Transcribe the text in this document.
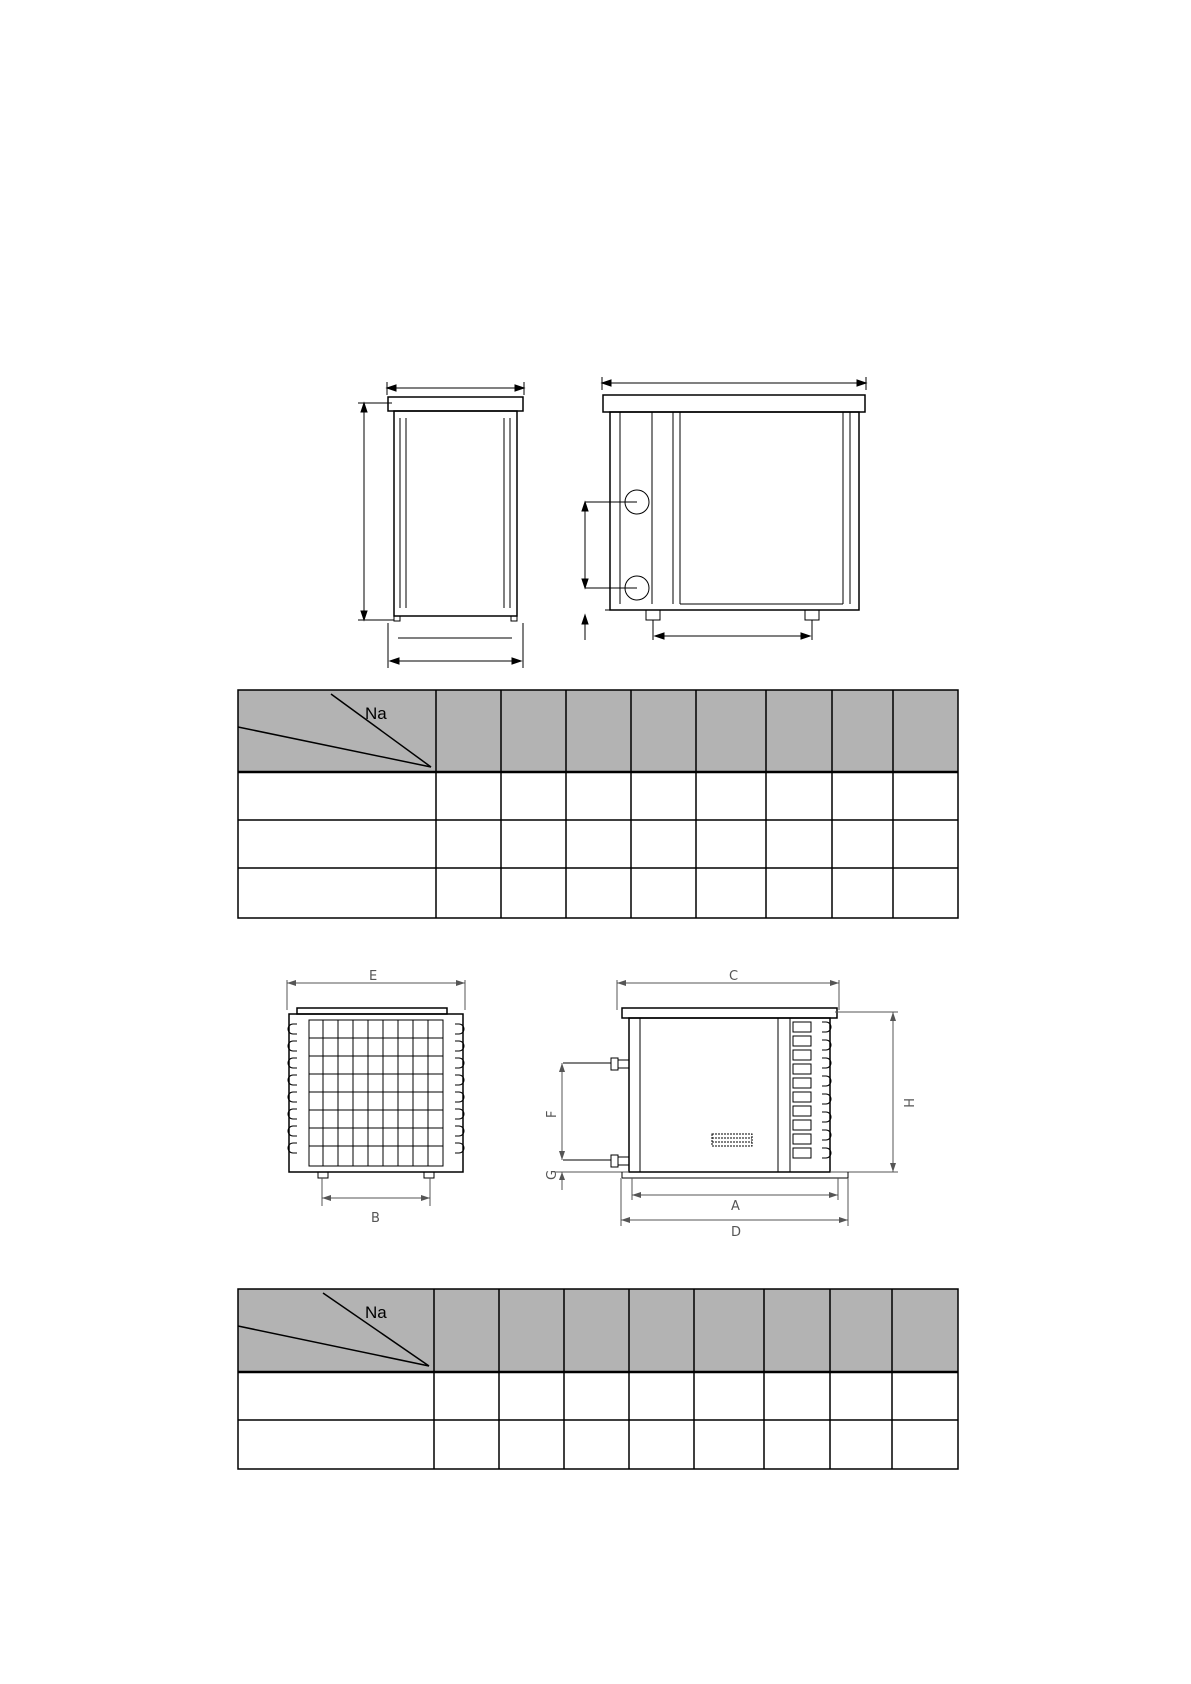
Na
E
B
C
A
D
H
F
G
Na
